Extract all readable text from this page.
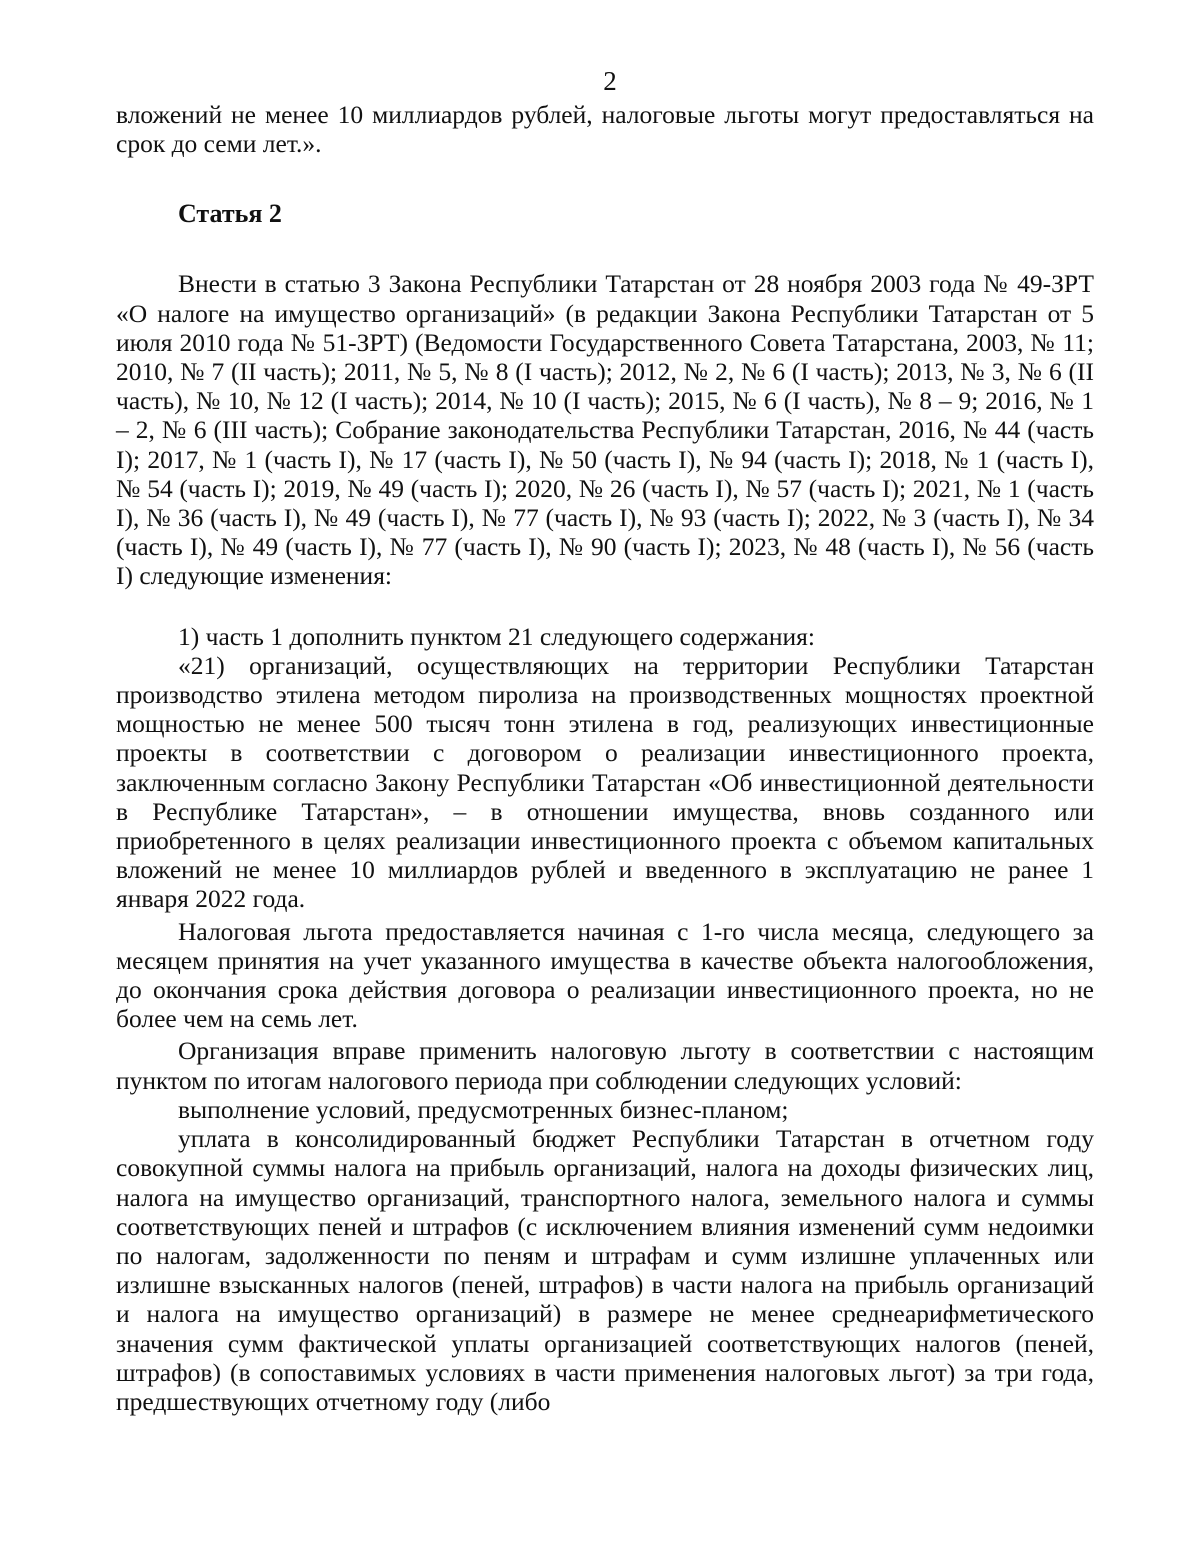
2

вложений не менее 10 миллиардов рублей, налоговые льготы могут предоставляться на срок до семи лет.».

Статья 2

Внести в статью 3 Закона Республики Татарстан от 28 ноября 2003 года № 49-ЗРТ «О налоге на имущество организаций» (в редакции Закона Республики Татарстан от 5 июля 2010 года № 51-ЗРТ) (Ведомости Государственного Совета Татарстана, 2003, № 11; 2010, № 7 (II часть); 2011, № 5, № 8 (I часть); 2012, № 2, № 6 (I часть); 2013, № 3, № 6 (II часть), № 10, № 12 (I часть); 2014, № 10 (I часть); 2015, № 6 (I часть), № 8 – 9; 2016, № 1 – 2, № 6 (III часть); Собрание законодательства Республики Татарстан, 2016, № 44 (часть I); 2017, № 1 (часть I), № 17 (часть I), № 50 (часть I), № 94 (часть I); 2018, № 1 (часть I), № 54 (часть I); 2019, № 49 (часть I); 2020, № 26 (часть I), № 57 (часть I); 2021, № 1 (часть I), № 36 (часть I), № 49 (часть I), № 77 (часть I), № 93 (часть I); 2022, № 3 (часть I), № 34 (часть I), № 49 (часть I), № 77 (часть I), № 90 (часть I); 2023, № 48 (часть I), № 56 (часть I) следующие изменения:

1) часть 1 дополнить пунктом 21 следующего содержания:

«21) организаций, осуществляющих на территории Республики Татарстан производство этилена методом пиролиза на производственных мощностях проектной мощностью не менее 500 тысяч тонн этилена в год, реализующих инвестиционные проекты в соответствии с договором о реализации инвестиционного проекта, заключенным согласно Закону Республики Татарстан «Об инвестиционной деятельности в Республике Татарстан», – в отношении имущества, вновь созданного или приобретенного в целях реализации инвестиционного проекта с объемом капитальных вложений не менее 10 миллиардов рублей и введенного в эксплуатацию не ранее 1 января 2022 года.

Налоговая льгота предоставляется начиная с 1-го числа месяца, следующего за месяцем принятия на учет указанного имущества в качестве объекта налогообложения, до окончания срока действия договора о реализации инвестиционного проекта, но не более чем на семь лет.

Организация вправе применить налоговую льготу в соответствии с настоящим пунктом по итогам налогового периода при соблюдении следующих условий:

выполнение условий, предусмотренных бизнес-планом;

уплата в консолидированный бюджет Республики Татарстан в отчетном году совокупной суммы налога на прибыль организаций, налога на доходы физических лиц, налога на имущество организаций, транспортного налога, земельного налога и суммы соответствующих пеней и штрафов (с исключением влияния изменений сумм недоимки по налогам, задолженности по пеням и штрафам и сумм излишне уплаченных или излишне взысканных налогов (пеней, штрафов) в части налога на прибыль организаций и налога на имущество организаций) в размере не менее среднеарифметического значения сумм фактической уплаты организацией соответствующих налогов (пеней, штрафов) (в сопоставимых условиях в части применения налоговых льгот) за три года, предшествующих отчетному году (либо
